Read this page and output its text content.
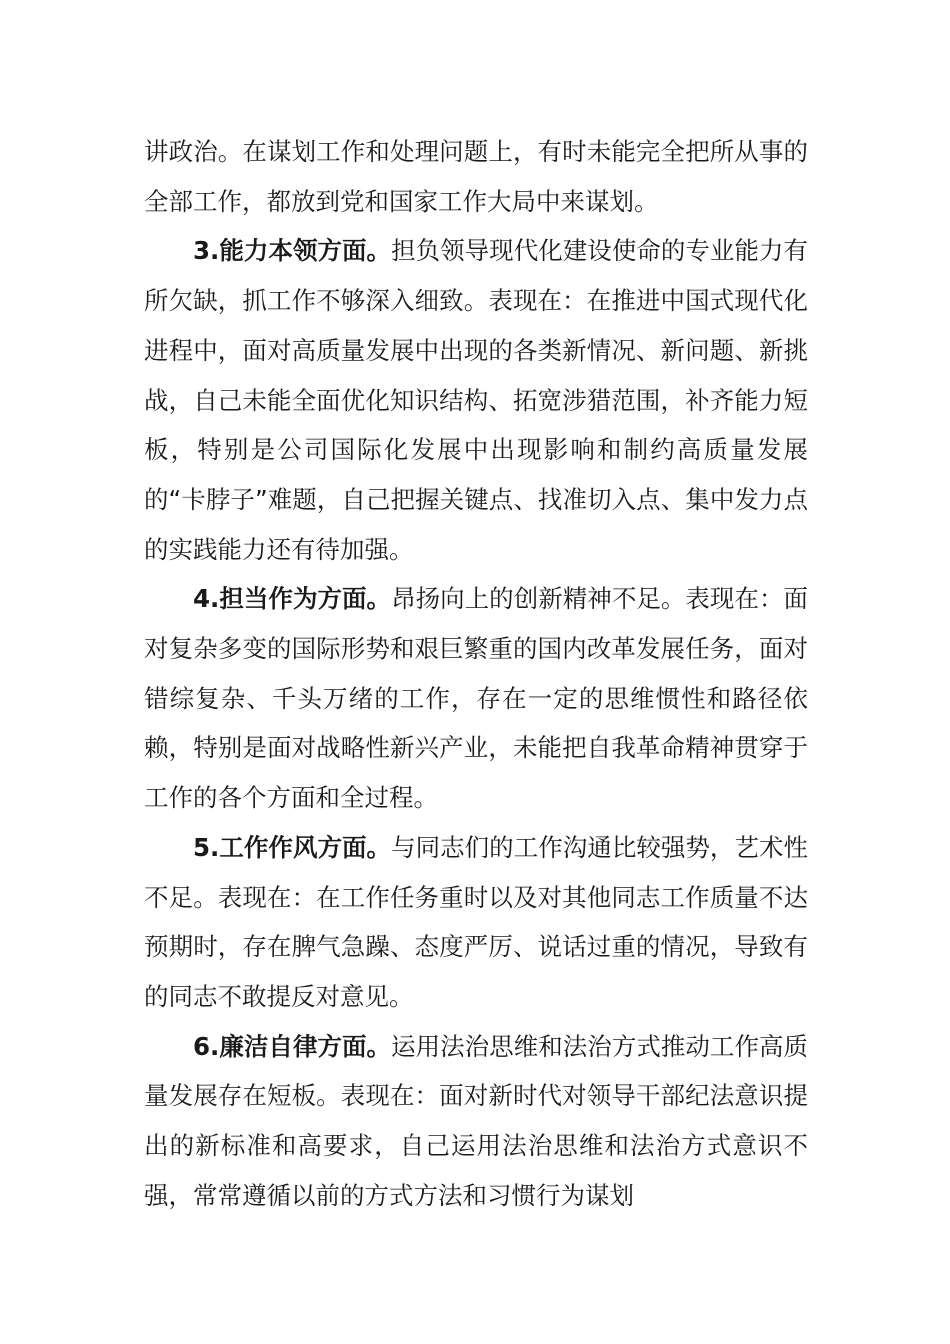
讲政治。在谋划工作和处理问题上，有时未能完全把所从事的全部工作，都放到党和国家工作大局中来谋划。

3.能力本领方面。担负领导现代化建设使命的专业能力有所欠缺，抓工作不够深入细致。表现在：在推进中国式现代化进程中，面对高质量发展中出现的各类新情况、新问题、新挑战，自己未能全面优化知识结构、拓宽涉猎范围，补齐能力短板，特别是公司国际化发展中出现影响和制约高质量发展的“卡脖子”难题，自己把握关键点、找准切入点、集中发力点的实践能力还有待加强。

4.担当作为方面。昂扬向上的创新精神不足。表现在：面对复杂多变的国际形势和艰巨繁重的国内改革发展任务，面对错综复杂、千头万绪的工作，存在一定的思维惯性和路径依赖，特别是面对战略性新兴产业，未能把自我革命精神贯穿于工作的各个方面和全过程。

5.工作作风方面。与同志们的工作沟通比较强势，艺术性不足。表现在：在工作任务重时以及对其他同志工作质量不达预期时，存在脾气急躁、态度严厉、说话过重的情况，导致有的同志不敢提反对意见。

6.廉洁自律方面。运用法治思维和法治方式推动工作高质量发展存在短板。表现在：面对新时代对领导干部纪法意识提出的新标准和高要求，自己运用法治思维和法治方式意识不强，常常遵循以前的方式方法和习惯行为谋划
